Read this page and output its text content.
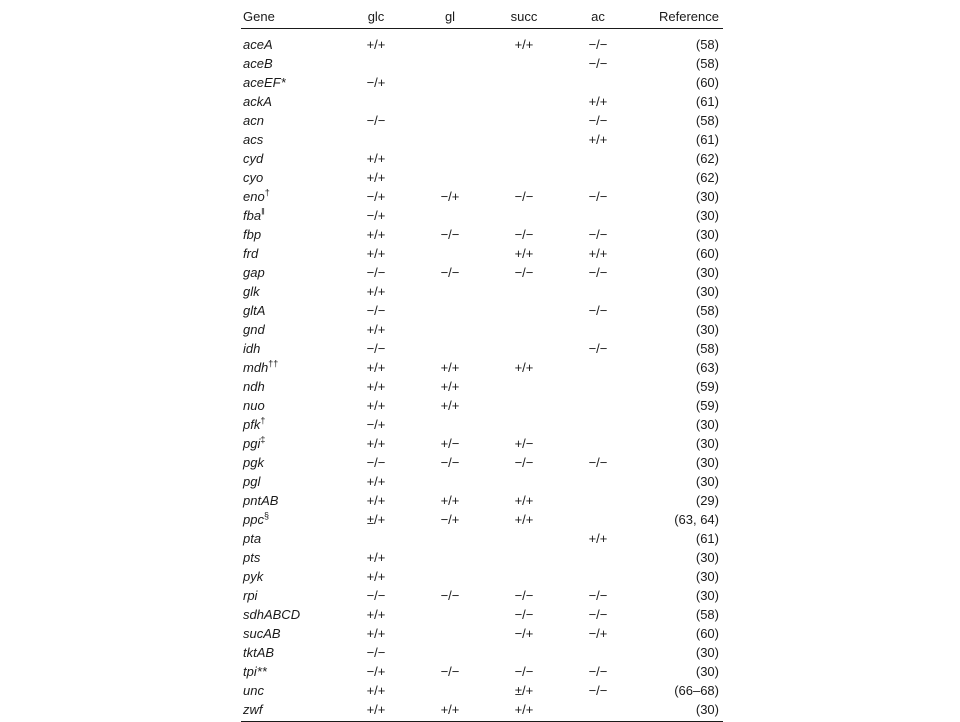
Gene	glc	gl	succ	ac	Reference
aceA	+/+		+/+	−/−	(58)
aceB				−/−	(58)
aceEF*	−/+				(60)
ackA				+/+	(61)
acn	−/−			−/−	(58)
acs				+/+	(61)
cyd	+/+				(62)
cyo	+/+				(62)
eno†	−/+	−/+	−/−	−/−	(30)
fba‖	−/+				(30)
fbp	+/+	−/−	−/−	−/−	(30)
frd	+/+		+/+	+/+	(60)
gap	−/−	−/−	−/−	−/−	(30)
glk	+/+				(30)
gltA	−/−			−/−	(58)
gnd	+/+				(30)
idh	−/−			−/−	(58)
mdh††	+/+	+/+	+/+		(63)
ndh	+/+	+/+			(59)
nuo	+/+	+/+			(59)
pfk†	−/+				(30)
pgi‡	+/+	+/−	+/−		(30)
pgk	−/−	−/−	−/−	−/−	(30)
pgl	+/+				(30)
pntAB	+/+	+/+	+/+		(29)
ppc§	±/+	−/+	+/+		(63, 64)
pta				+/+	(61)
pts	+/+				(30)
pyk	+/+				(30)
rpi	−/−	−/−	−/−	−/−	(30)
sdhABCD	+/+		−/−	−/−	(58)
sucAB	+/+		−/+	−/+	(60)
tktAB	−/−				(30)
tpi**	−/+	−/−	−/−	−/−	(30)
unc	+/+		±/+	−/−	(66–68)
zwf	+/+	+/+	+/+		(30)
